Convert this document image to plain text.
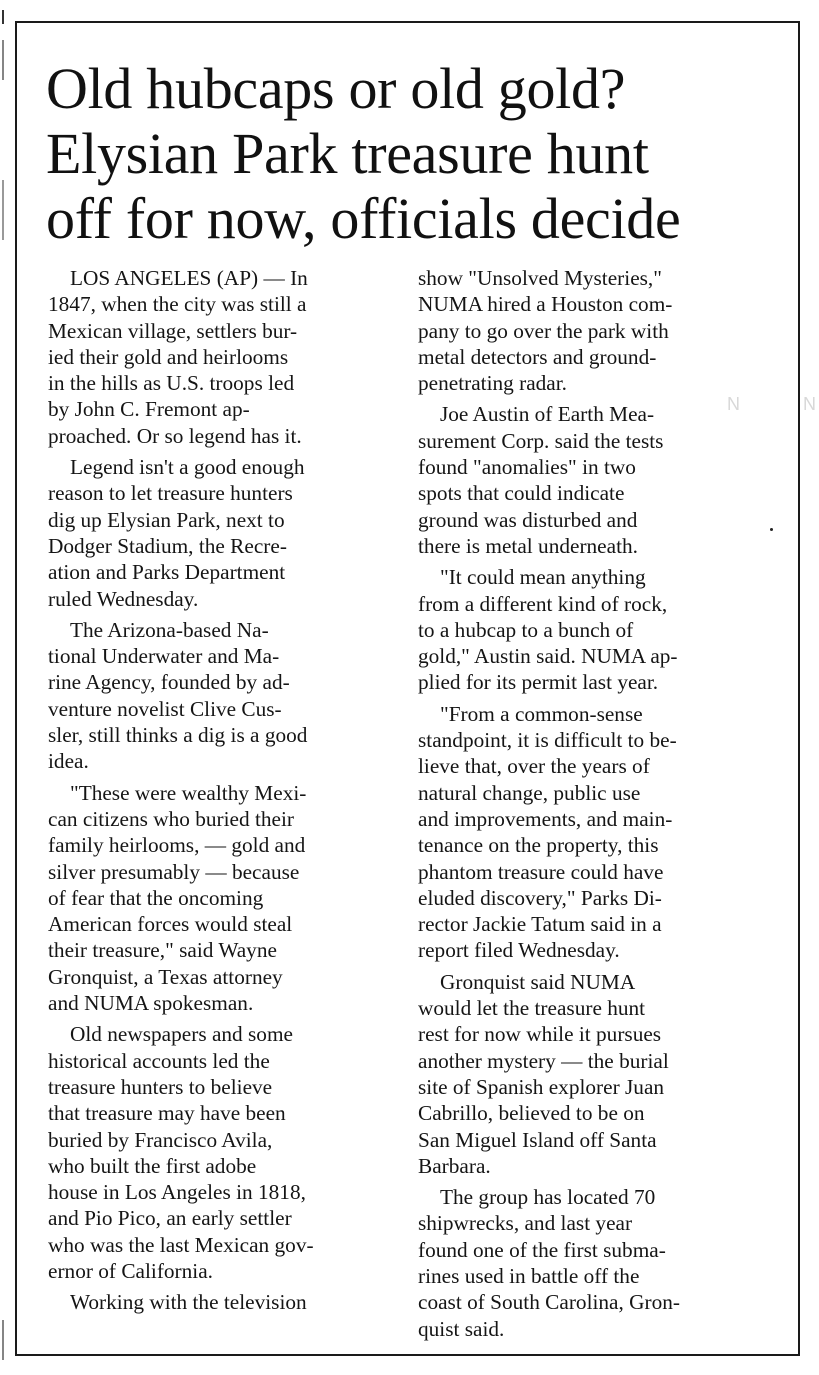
Old hubcaps or old gold?
Elysian Park treasure hunt
off for now, officials decide
LOS ANGELES (AP) — In
1847, when the city was still a
Mexican village, settlers bur-
ied their gold and heirlooms
in the hills as U.S. troops led
by John C. Fremont ap-
proached. Or so legend has it.
Legend isn't a good enough
reason to let treasure hunters
dig up Elysian Park, next to
Dodger Stadium, the Recre-
ation and Parks Department
ruled Wednesday.
The Arizona-based Na-
tional Underwater and Ma-
rine Agency, founded by ad-
venture novelist Clive Cus-
sler, still thinks a dig is a good
idea.
"These were wealthy Mexi-
can citizens who buried their
family heirlooms, — gold and
silver presumably — because
of fear that the oncoming
American forces would steal
their treasure," said Wayne
Gronquist, a Texas attorney
and NUMA spokesman.
Old newspapers and some
historical accounts led the
treasure hunters to believe
that treasure may have been
buried by Francisco Avila,
who built the first adobe
house in Los Angeles in 1818,
and Pio Pico, an early settler
who was the last Mexican gov-
ernor of California.
Working with the television
show "Unsolved Mysteries,"
NUMA hired a Houston com-
pany to go over the park with
metal detectors and ground-
penetrating radar.
Joe Austin of Earth Mea-
surement Corp. said the tests
found "anomalies" in two
spots that could indicate
ground was disturbed and
there is metal underneath.
"It could mean anything
from a different kind of rock,
to a hubcap to a bunch of
gold," Austin said. NUMA ap-
plied for its permit last year.
"From a common-sense
standpoint, it is difficult to be-
lieve that, over the years of
natural change, public use
and improvements, and main-
tenance on the property, this
phantom treasure could have
eluded discovery," Parks Di-
rector Jackie Tatum said in a
report filed Wednesday.
Gronquist said NUMA
would let the treasure hunt
rest for now while it pursues
another mystery — the burial
site of Spanish explorer Juan
Cabrillo, believed to be on
San Miguel Island off Santa
Barbara.
The group has located 70
shipwrecks, and last year
found one of the first subma-
rines used in battle off the
coast of South Carolina, Gron-
quist said.
N	N
